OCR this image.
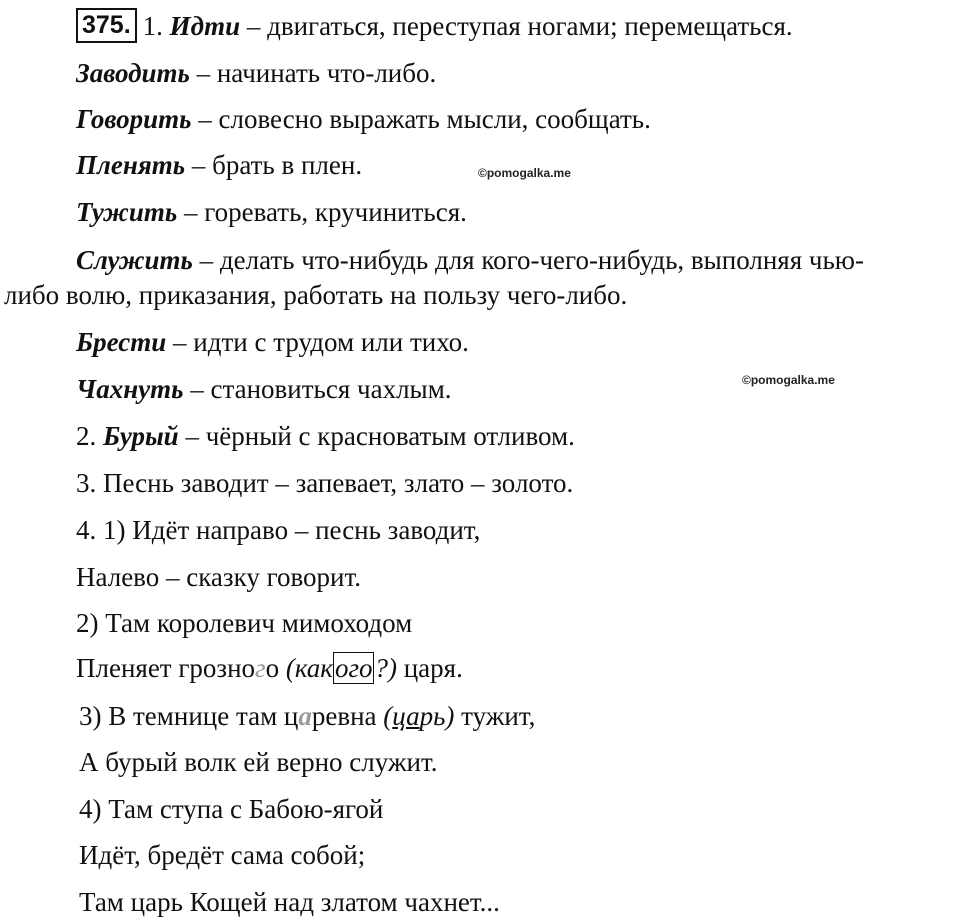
375. 1. Идти – двигаться, переступая ногами; перемещаться.
Заводить – начинать что-либо.
Говорить – словесно выражать мысли, сообщать.
Пленять – брать в плен.	©pomogalka.me
Тужить – горевать, кручиниться.
Служить – делать что-нибудь для кого-чего-нибудь, выполняя чью-
либо волю, приказания, работать на пользу чего-либо.
Брести – идти с трудом или тихо.
Чахнуть – становиться чахлым.	©pomogalka.me
2. Бурый – чёрный с красноватым отливом.
3. Песнь заводит – запевает, злато – золото.
4. 1) Идёт направо – песнь заводит,
Налево – сказку говорит.
2) Там королевич мимоходом
Пленяет грозного (какого?) царя.
3) В темнице там царевна (царь) тужит,
А бурый волк ей верно служит.
4) Там ступа с Бабою-ягой
Идёт, бредёт сама собой;
Там царь Кощей над златом чахнет...
